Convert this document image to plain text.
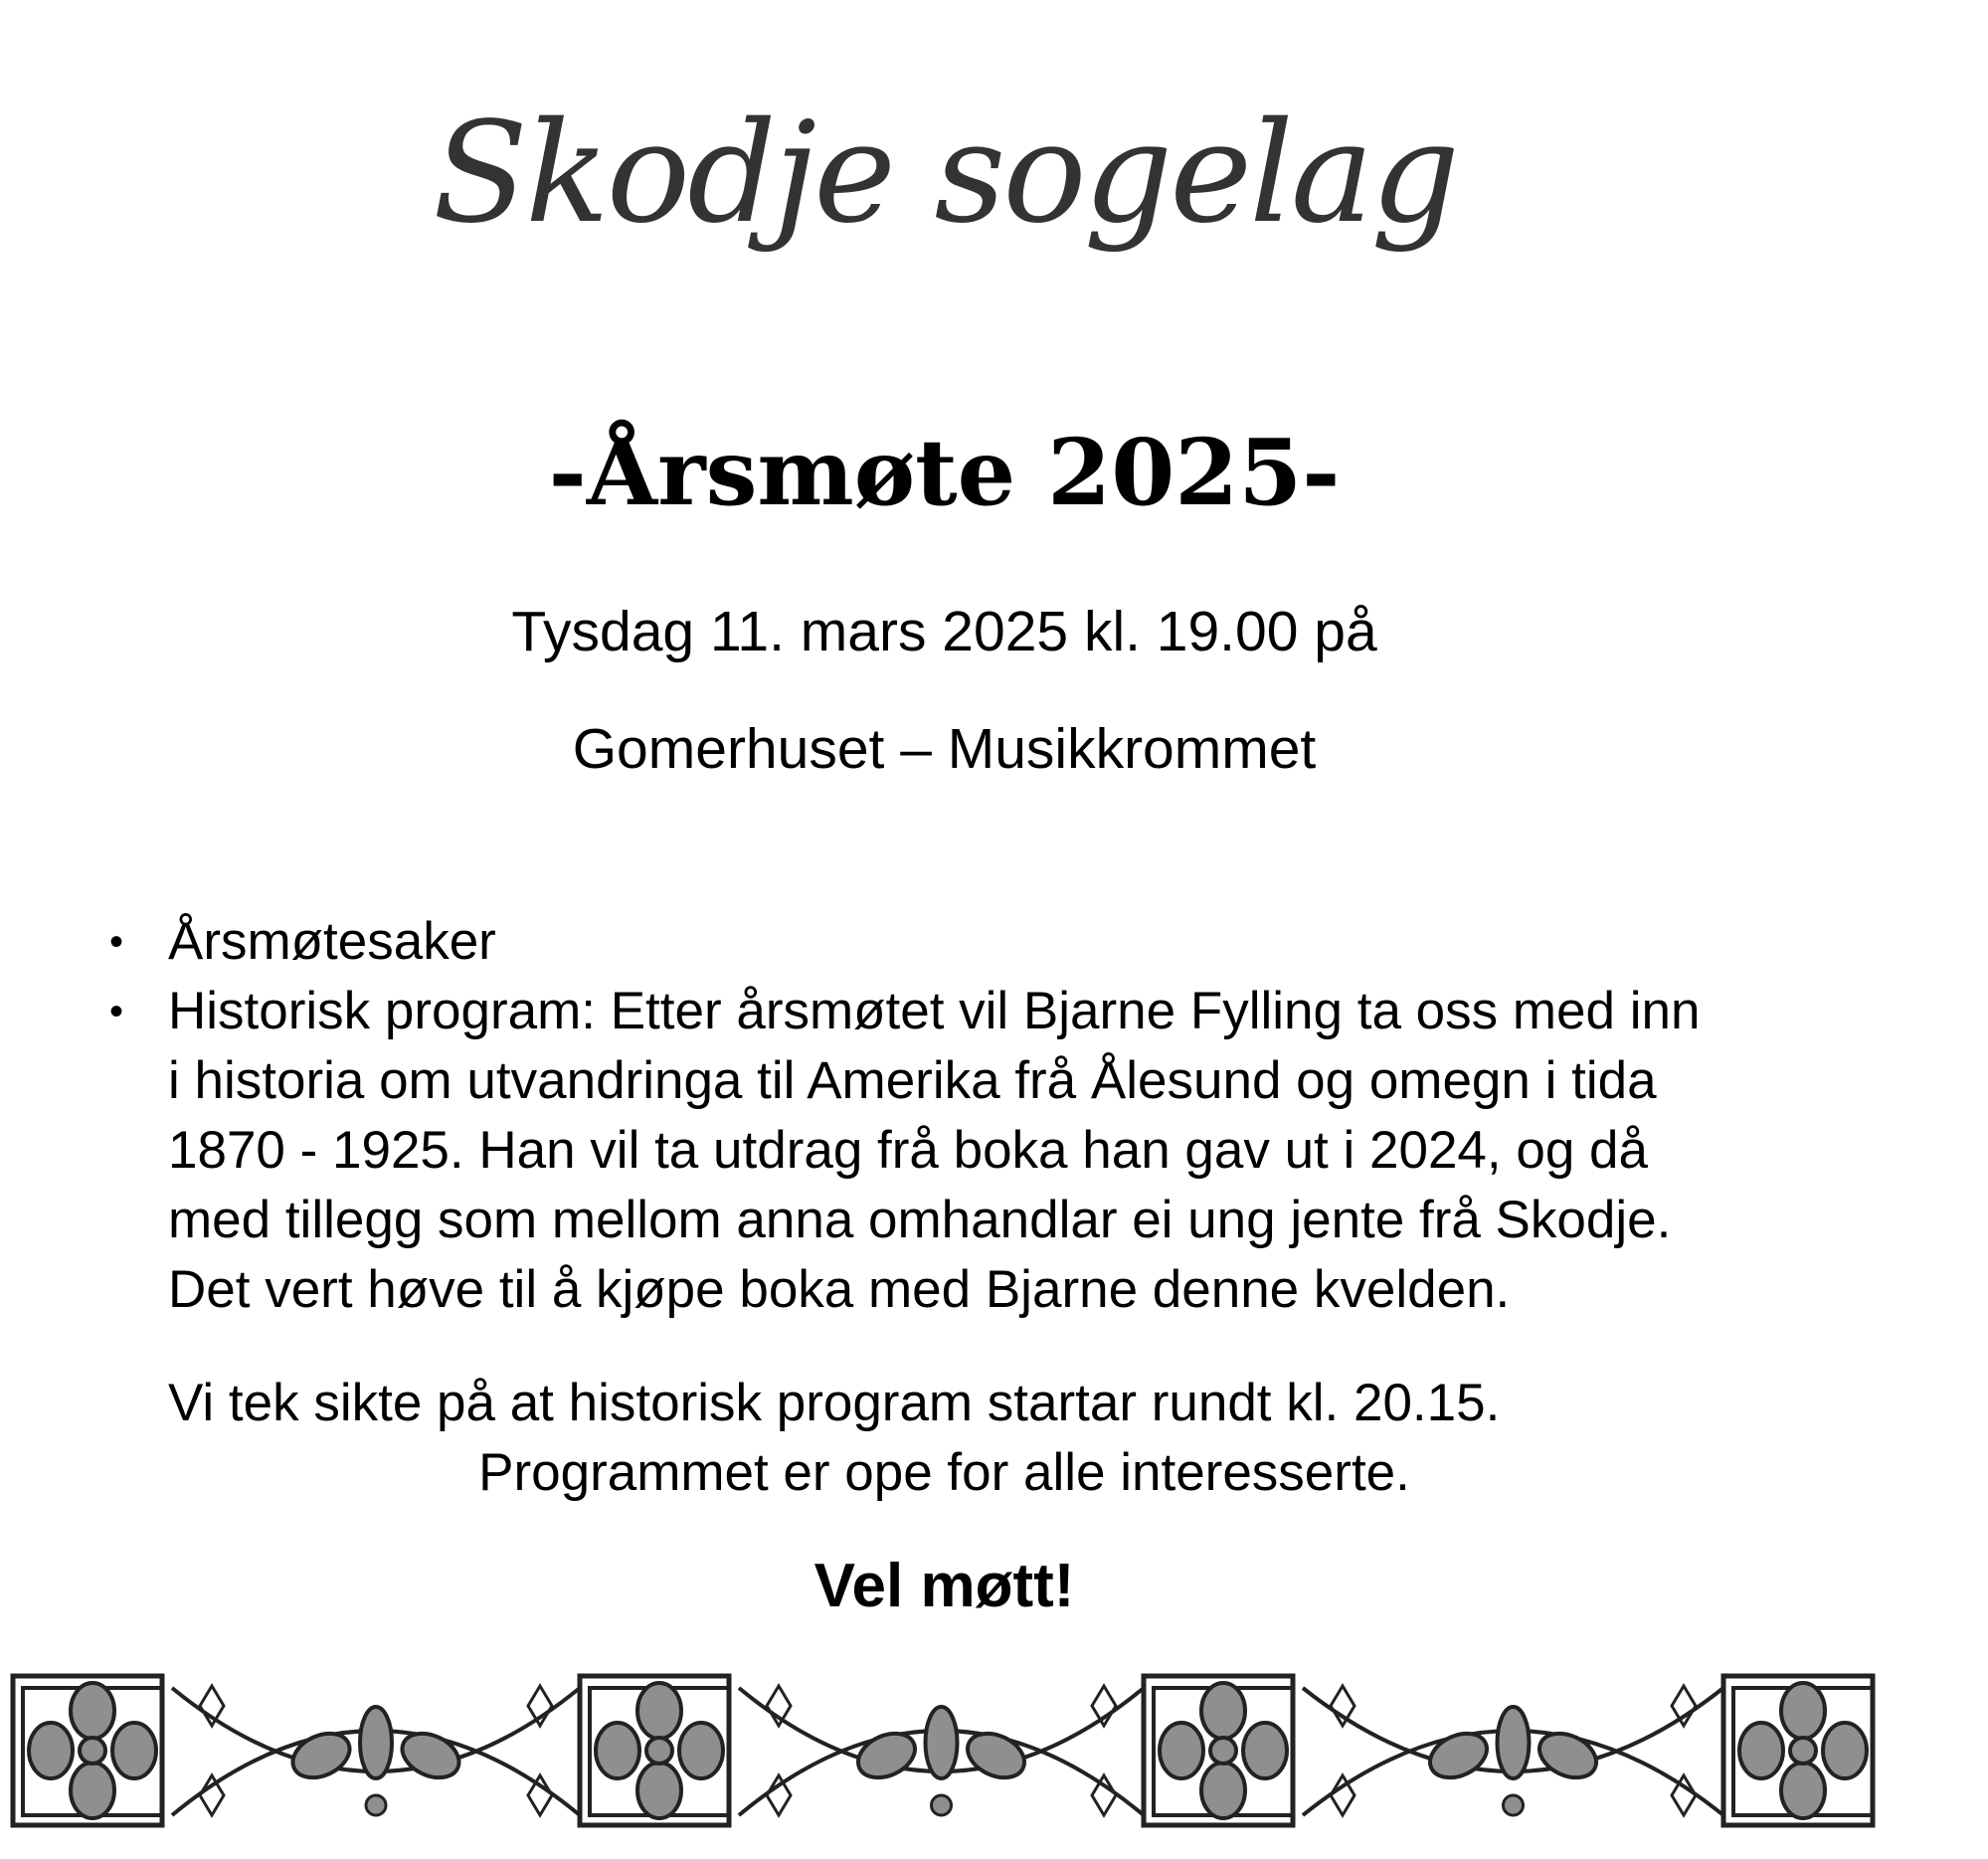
Skodje sogelag
-Årsmøte 2025-
Tysdag 11. mars 2025 kl. 19.00 på
Gomerhuset – Musikkrommet
• Årsmøtesaker
• Historisk program: Etter årsmøtet vil Bjarne Fylling ta oss med inn
i historia om utvandringa til Amerika frå Ålesund og omegn i tida
1870 - 1925. Han vil ta utdrag frå boka han gav ut i 2024, og då
med tillegg som mellom anna omhandlar ei ung jente frå Skodje.
Det vert høve til å kjøpe boka med Bjarne denne kvelden.
Vi tek sikte på at historisk program startar rundt kl. 20.15.
Programmet er ope for alle interesserte.
Vel møtt!
